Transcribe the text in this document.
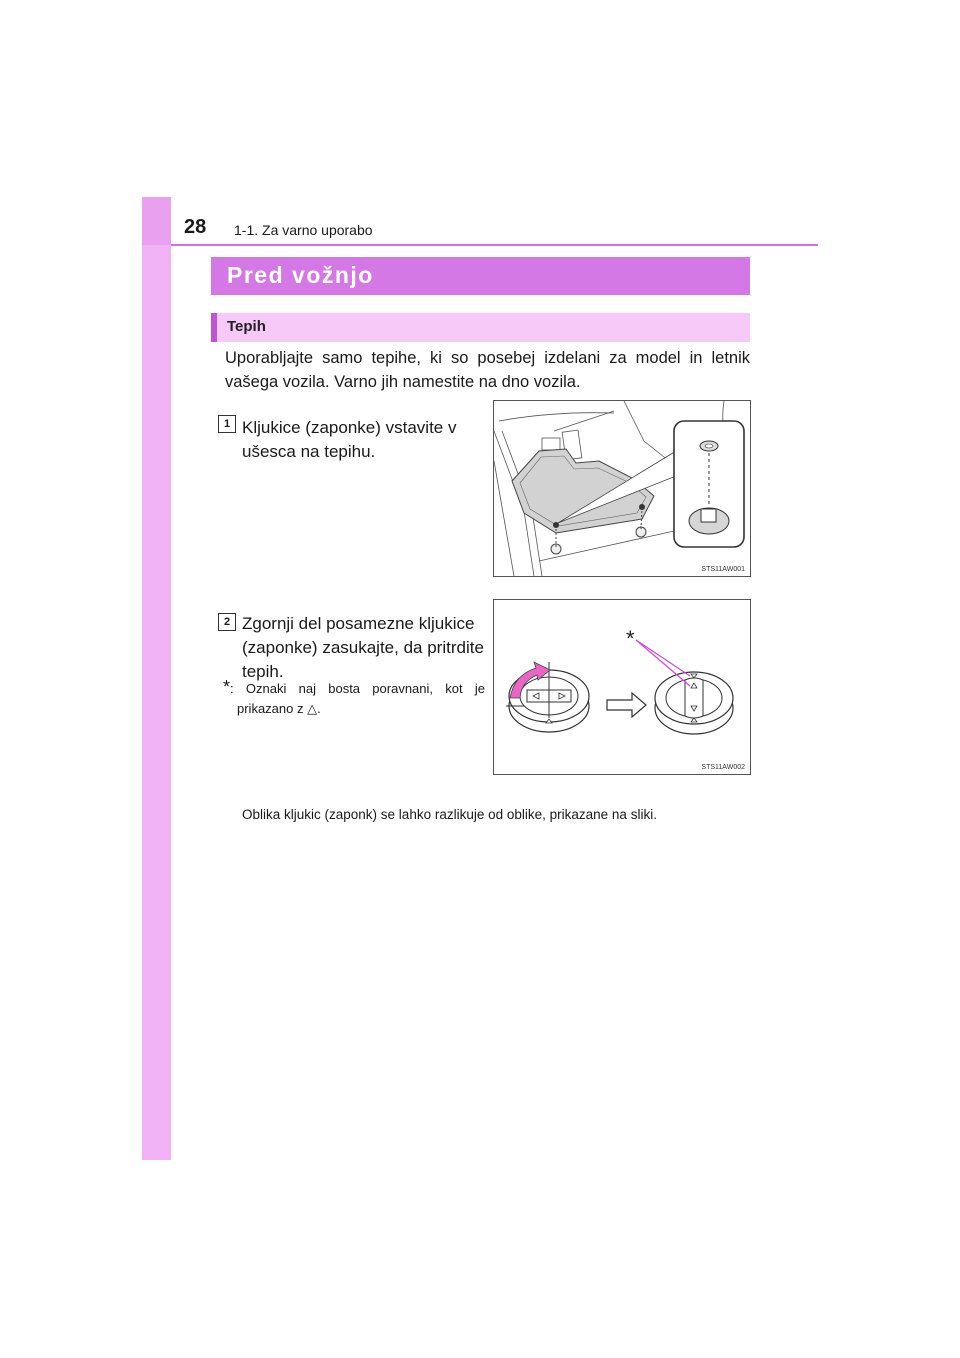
28 1-1. Za varno uporabo
Pred vožnjo
Tepih
Uporabljajte samo tepihe, ki so posebej izdelani za model in letnik vašega vozila. Varno jih namestite na dno vozila.
1 Kljukice (zaponke) vstavite v
ušesca na tepihu.
STS11AW001
2 Zgornji del posamezne kljukice
(zaponke) zasukajte, da pritrdite
tepih.
*: Oznaki naj bosta poravnani, kot je
prikazano z △.
*
STS11AW002
Oblika kljukic (zaponk) se lahko razlikuje od oblike, prikazane na sliki.
